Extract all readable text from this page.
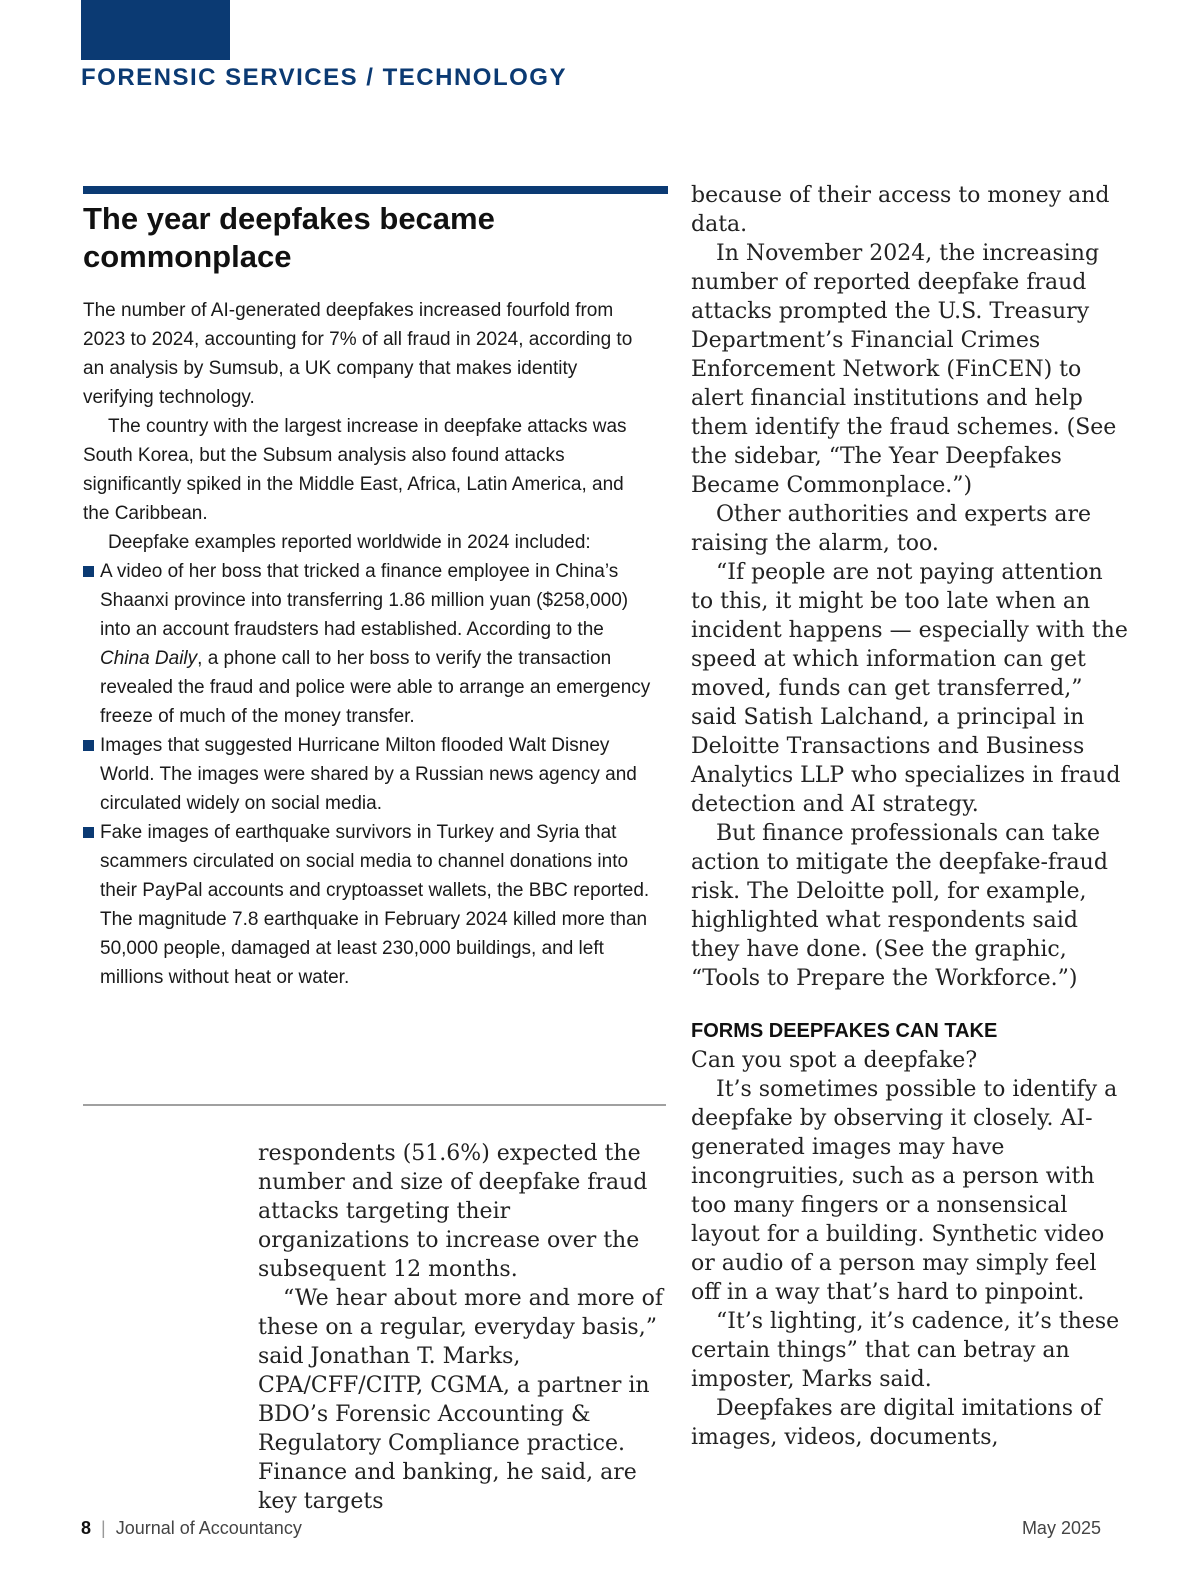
FORENSIC SERVICES / TECHNOLOGY
The year deepfakes became commonplace

The number of AI-generated deepfakes increased fourfold from 2023 to 2024, accounting for 7% of all fraud in 2024, according to an analysis by Sumsub, a UK company that makes identity verifying technology.

The country with the largest increase in deepfake attacks was South Korea, but the Subsum analysis also found attacks significantly spiked in the Middle East, Africa, Latin America, and the Caribbean.

Deepfake examples reported worldwide in 2024 included:

A video of her boss that tricked a finance employee in China’s Shaanxi province into transferring 1.86 million yuan ($258,000) into an account fraudsters had established. According to the China Daily, a phone call to her boss to verify the transaction revealed the fraud and police were able to arrange an emergency freeze of much of the money transfer.
Images that suggested Hurricane Milton flooded Walt Disney World. The images were shared by a Russian news agency and circulated widely on social media.
Fake images of earthquake survivors in Turkey and Syria that scammers circulated on social media to channel donations into their PayPal accounts and cryptoasset wallets, the BBC reported. The magnitude 7.8 earthquake in February 2024 killed more than 50,000 people, damaged at least 230,000 buildings, and left millions without heat or water.

respondents (51.6%) expected the number and size of deepfake fraud attacks targeting their organizations to increase over the subsequent 12 months.

“We hear about more and more of these on a regular, everyday basis,” said Jonathan T. Marks, CPA/CFF/CITP, CGMA, a partner in BDO’s Forensic Accounting & Regulatory Compliance practice. Finance and banking, he said, are key targets

because of their access to money and data.

In November 2024, the increasing number of reported deepfake fraud attacks prompted the U.S. Treasury Department’s Financial Crimes Enforcement Network (FinCEN) to alert financial institutions and help them identify the fraud schemes. (See the sidebar, “The Year Deepfakes Became Commonplace.”)

Other authorities and experts are raising the alarm, too.

“If people are not paying attention to this, it might be too late when an incident happens — especially with the speed at which information can get moved, funds can get transferred,” said Satish Lalchand, a principal in Deloitte Transactions and Business Analytics LLP who specializes in fraud detection and AI strategy.

But finance professionals can take action to mitigate the deepfake-fraud risk. The Deloitte poll, for example, highlighted what respondents said they have done. (See the graphic, “Tools to Prepare the Workforce.”)

FORMS DEEPFAKES CAN TAKE

Can you spot a deepfake?

It’s sometimes possible to identify a deepfake by observing it closely. AI-generated images may have incongruities, such as a person with too many fingers or a nonsensical layout for a building. Synthetic video or audio of a person may simply feel off in a way that’s hard to pinpoint.

“It’s lighting, it’s cadence, it’s these certain things” that can betray an imposter, Marks said.

Deepfakes are digital imitations of images, videos, documents,

8 | Journal of Accountancy	May 2025
